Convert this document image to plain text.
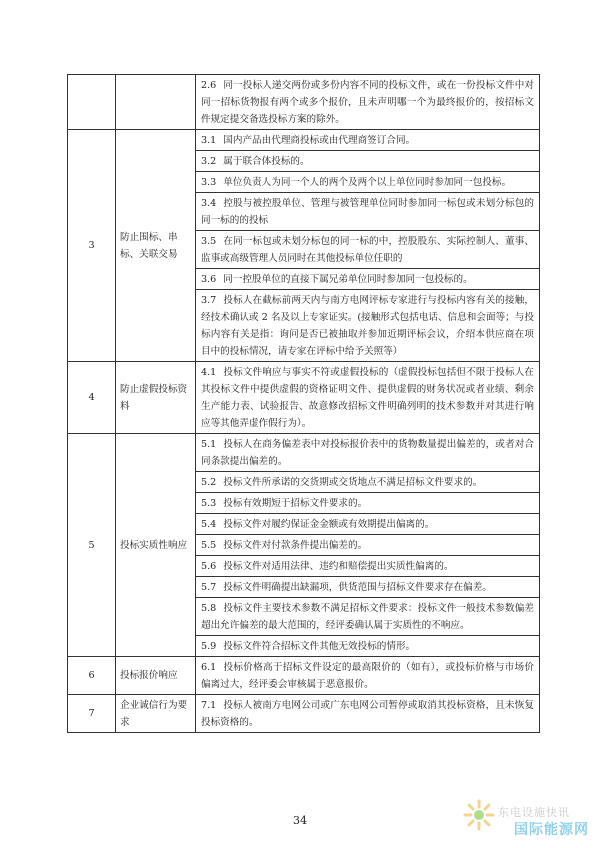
		2.6 同一投标人递交两份或多份内容不同的投标文件，或在一份投标文件中对同一招标货物报有两个或多个报价，且未声明哪一个为最终报价的，按招标文件规定提交备选投标方案的除外。
3	防止围标、串标、关联交易	3.1 国内产品由代理商投标或由代理商签订合同。
		3.2 属于联合体投标的。
		3.3 单位负责人为同一个人的两个及两个以上单位同时参加同一包投标。
		3.4 控股与被控股单位、管理与被管理单位同时参加同一标包或未划分标包的同一标的的投标
		3.5 在同一标包或未划分标包的同一标的中，控股股东、实际控制人、董事、监事或高级管理人员同时在其他投标单位任职的
		3.6 同一控股单位的直接下属兄弟单位同时参加同一包投标的。
		3.7 投标人在截标前两天内与南方电网评标专家进行与投标内容有关的接触，经技术确认或 2 名及以上专家证实。(接触形式包括电话、信息和会面等；与投标内容有关是指：询问是否已被抽取并参加近期评标会议，介绍本供应商在项目中的投标情况，请专家在评标中给予关照等）
4	防止虚假投标资料	4.1 投标文件响应与事实不符或虚假投标的（虚假投标包括但不限于投标人在其投标文件中提供虚假的资格证明文件、提供虚假的财务状况或者业绩、剩余生产能力表、试验报告、故意修改招标文件明确列明的技术参数并对其进行响应等其他弄虚作假行为）。
5	投标实质性响应	5.1 投标人在商务偏差表中对投标报价表中的货物数量提出偏差的，或者对合同条款提出偏差的。
		5.2 投标文件所承诺的交货期或交货地点不满足招标文件要求的。
		5.3 投标有效期短于招标文件要求的。
		5.4 投标文件对履约保证金金额或有效期提出偏离的。
		5.5 投标文件对付款条件提出偏差的。
		5.6 投标文件对适用法律、违约和赔偿提出实质性偏离的。
		5.7 投标文件明确提出缺漏项，供货范围与招标文件要求存在偏差。
		5.8 投标文件主要技术参数不满足招标文件要求：投标文件一般技术参数偏差超出允许偏差的最大范围的，经评委确认属于实质性的不响应。
		5.9 投标文件符合招标文件其他无效投标的情形。
6	投标报价响应	6.1 投标价格高于招标文件设定的最高限价的（如有），或投标价格与市场价偏离过大，经评委会审核属于恶意报价。
7	企业诚信行为要求	7.1 投标人被南方电网公司或广东电网公司暂停或取消其投标资格，且未恢复投标资格的。
34
东电设施快讯
国际能源网
